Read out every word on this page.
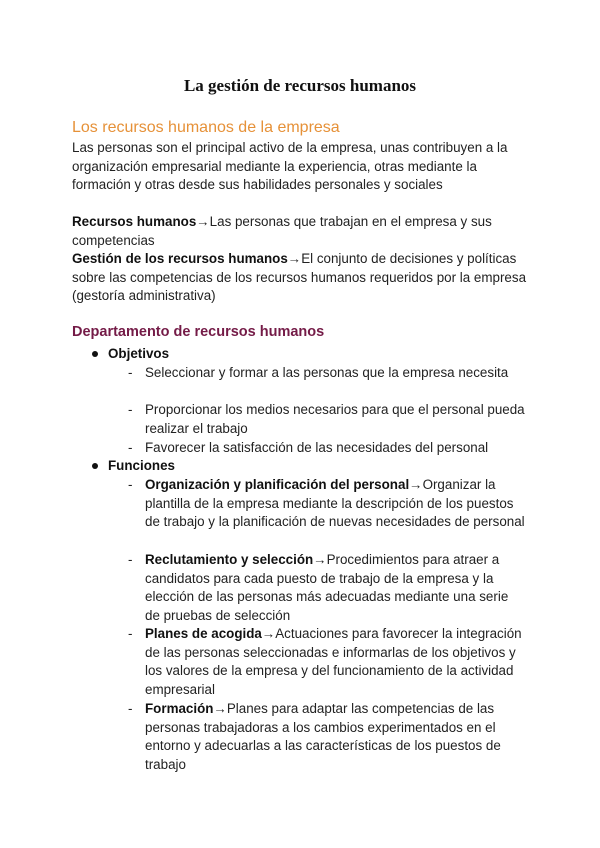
La gestión de recursos humanos
Los recursos humanos de la empresa
Las personas son el principal activo de la empresa, unas contribuyen a la organización empresarial mediante la experiencia, otras mediante la formación y otras desde sus habilidades personales y sociales
Recursos humanos→Las personas que trabajan en el empresa y sus competencias
Gestión de los recursos humanos→El conjunto de decisiones y políticas sobre las competencias de los recursos humanos requeridos por la empresa (gestoría administrativa)
Departamento de recursos humanos
Objetivos
- Seleccionar y formar a las personas que la empresa necesita
- Proporcionar los medios necesarios para que el personal pueda realizar el trabajo
- Favorecer la satisfacción de las necesidades del personal
Funciones
- Organización y planificación del personal→Organizar la plantilla de la empresa mediante la descripción de los puestos de trabajo y la planificación de nuevas necesidades de personal
- Reclutamiento y selección→Procedimientos para atraer a candidatos para cada puesto de trabajo de la empresa y la elección de las personas más adecuadas mediante una serie de pruebas de selección
- Planes de acogida→Actuaciones para favorecer la integración de las personas seleccionadas e informarlas de los objetivos y los valores de la empresa y del funcionamiento de la actividad empresarial
- Formación→Planes para adaptar las competencias de las personas trabajadoras a los cambios experimentados en el entorno y adecuarlas a las características de los puestos de trabajo
